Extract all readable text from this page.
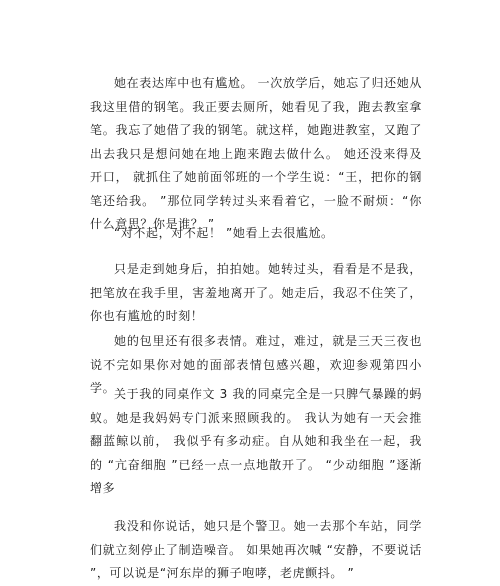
她在表达库中也有尴尬。 一次放学后，她忘了归还她从我这里借的钢笔。我正要去厕所，她看见了我，跑去教室拿笔。我忘了她借了我的钢笔。就这样，她跑进教室，又跑了出去我只是想问她在地上跑来跑去做什么。 她还没来得及开口， 就抓住了她前面邻班的一个学生说：“王，把你的钢笔还给我。 ”那位同学转过头来看着它，一脸不耐烦：“你什么意思？你是谁？ ”

“对不起，对不起！ ”她看上去很尴尬。

只是走到她身后，拍拍她。她转过头，看看是不是我，把笔放在我手里，害羞地离开了。她走后，我忍不住笑了，你也有尴尬的时刻！

她的包里还有很多表情。难过，难过，就是三天三夜也说不完如果你对她的面部表情包感兴趣，欢迎参观第四小学。

关于我的同桌作文 3 我的同桌完全是一只脾气暴躁的蚂蚁。她是我妈妈专门派来照顾我的。 我认为她有一天会推翻蓝鲸以前， 我似乎有多动症。自从她和我坐在一起，我的 “亢奋细胞 ”已经一点一点地散开了。 “少动细胞 ”逐渐增多

我没和你说话，她只是个警卫。她一去那个车站，同学们就立刻停止了制造噪音。 如果她再次喊 “安静，不要说话 ”，可以说是“河东岸的狮子咆哮，老虎颤抖。 ”
